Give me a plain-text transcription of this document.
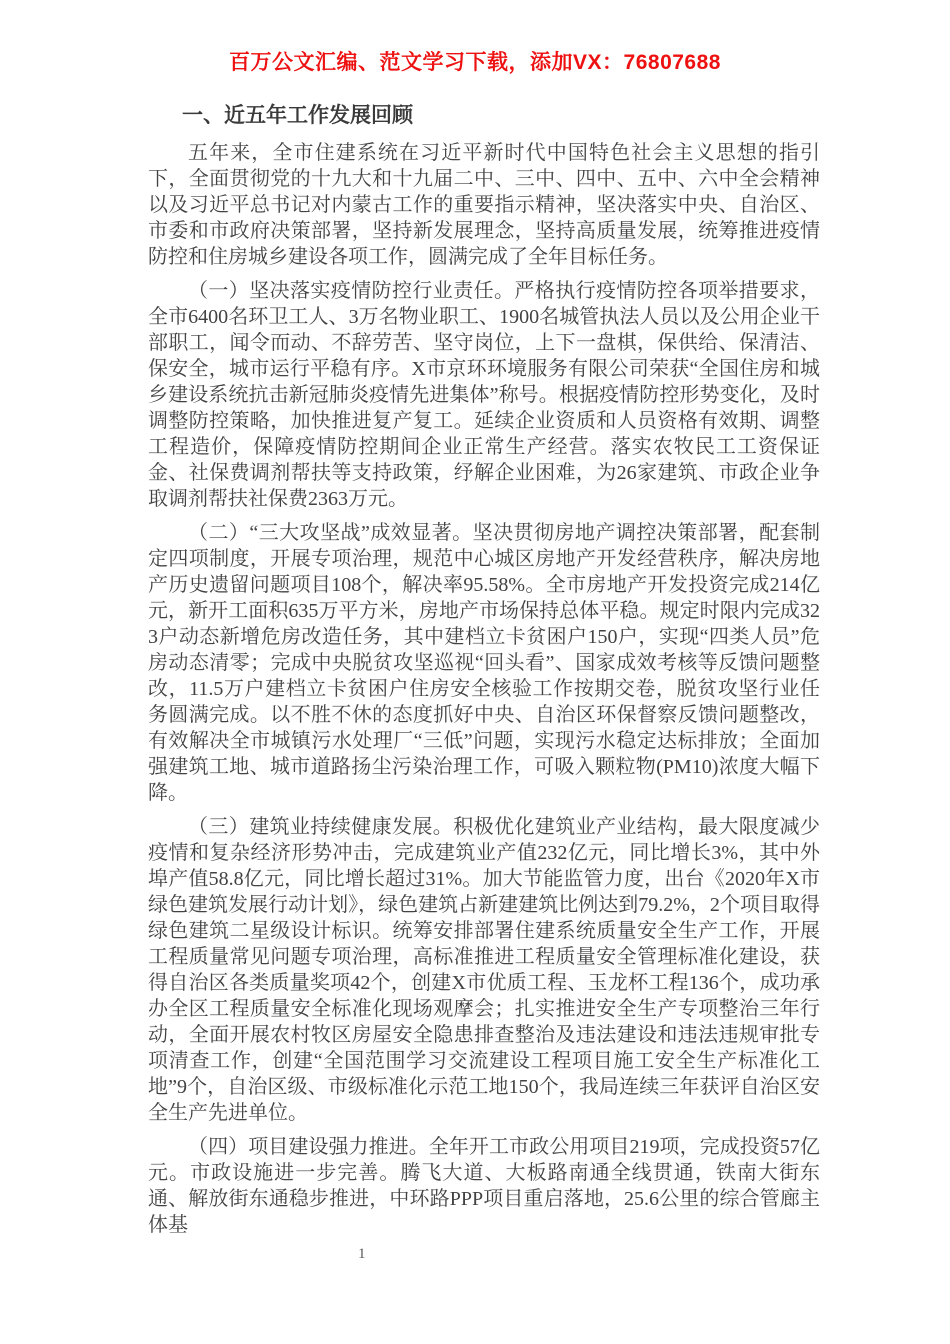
百万公文汇编、范文学习下载，添加VX：76807688
一、近五年工作发展回顾

五年来，全市住建系统在习近平新时代中国特色社会主义思想的指引下，全面贯彻党的十九大和十九届二中、三中、四中、五中、六中全会精神以及习近平总书记对内蒙古工作的重要指示精神，坚决落实中央、自治区、市委和市政府决策部署，坚持新发展理念，坚持高质量发展，统筹推进疫情防控和住房城乡建设各项工作，圆满完成了全年目标任务。

（一）坚决落实疫情防控行业责任。严格执行疫情防控各项举措要求，全市6400名环卫工人、3万名物业职工、1900名城管执法人员以及公用企业干部职工，闻令而动、不辞劳苦、坚守岗位，上下一盘棋，保供给、保清洁、保安全，城市运行平稳有序。X市京环环境服务有限公司荣获“全国住房和城乡建设系统抗击新冠肺炎疫情先进集体”称号。根据疫情防控形势变化，及时调整防控策略，加快推进复产复工。延续企业资质和人员资格有效期、调整工程造价，保障疫情防控期间企业正常生产经营。落实农牧民工工资保证金、社保费调剂帮扶等支持政策，纾解企业困难，为26家建筑、市政企业争取调剂帮扶社保费2363万元。

（二）“三大攻坚战”成效显著。坚决贯彻房地产调控决策部署，配套制定四项制度，开展专项治理，规范中心城区房地产开发经营秩序，解决房地产历史遗留问题项目108个，解决率95.58%。全市房地产开发投资完成214亿元，新开工面积635万平方米，房地产市场保持总体平稳。规定时限内完成323户动态新增危房改造任务，其中建档立卡贫困户150户，实现“四类人员”危房动态清零；完成中央脱贫攻坚巡视“回头看”、国家成效考核等反馈问题整改，11.5万户建档立卡贫困户住房安全核验工作按期交卷，脱贫攻坚行业任务圆满完成。以不胜不休的态度抓好中央、自治区环保督察反馈问题整改，有效解决全市城镇污水处理厂“三低”问题，实现污水稳定达标排放；全面加强建筑工地、城市道路扬尘污染治理工作，可吸入颗粒物(PM10)浓度大幅下降。

（三）建筑业持续健康发展。积极优化建筑业产业结构，最大限度减少疫情和复杂经济形势冲击，完成建筑业产值232亿元，同比增长3%，其中外埠产值58.8亿元，同比增长超过31%。加大节能监管力度，出台《2020年X市绿色建筑发展行动计划》，绿色建筑占新建建筑比例达到79.2%，2个项目取得绿色建筑二星级设计标识。统筹安排部署住建系统质量安全生产工作，开展工程质量常见问题专项治理，高标准推进工程质量安全管理标准化建设，获得自治区各类质量奖项42个，创建X市优质工程、玉龙杯工程136个，成功承办全区工程质量安全标准化现场观摩会；扎实推进安全生产专项整治三年行动，全面开展农村牧区房屋安全隐患排查整治及违法建设和违法违规审批专项清查工作，创建“全国范围学习交流建设工程项目施工安全生产标准化工地”9个，自治区级、市级标准化示范工地150个，我局连续三年获评自治区安全生产先进单位。

（四）项目建设强力推进。全年开工市政公用项目219项，完成投资57亿元。市政设施进一步完善。腾飞大道、大板路南通全线贯通，铁南大街东通、解放街东通稳步推进，中环路PPP项目重启落地，25.6公里的综合管廊主体基

1
